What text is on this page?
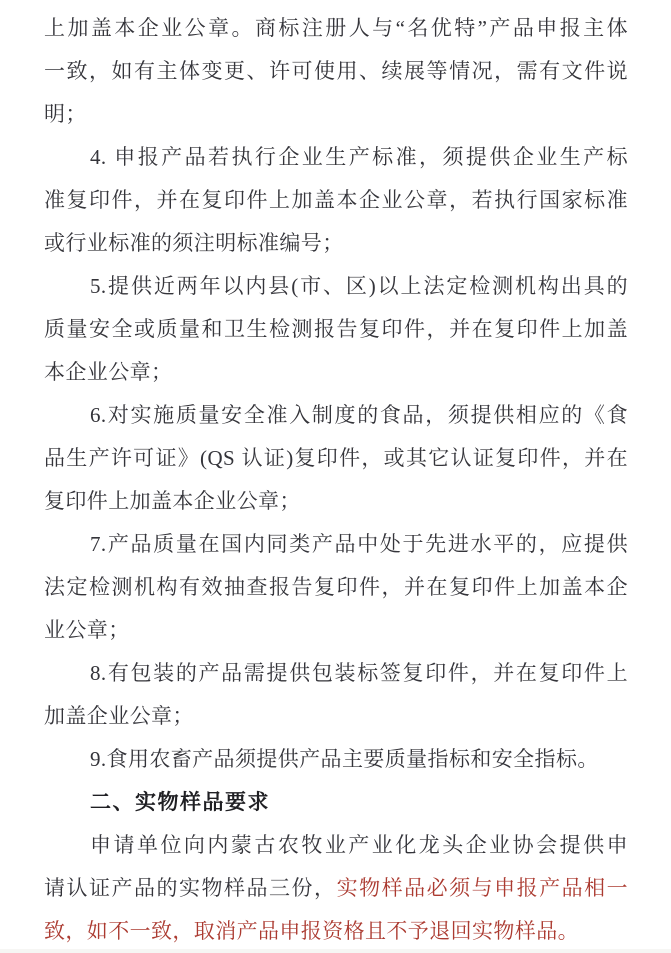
上加盖本企业公章。商标注册人与“名优特”产品申报主体
一致，如有主体变更、许可使用、续展等情况，需有文件说
明；
4. 申报产品若执行企业生产标准，须提供企业生产标
准复印件，并在复印件上加盖本企业公章，若执行国家标准
或行业标准的须注明标准编号；
5.提供近两年以内县(市、区)以上法定检测机构出具的
质量安全或质量和卫生检测报告复印件，并在复印件上加盖
本企业公章；
6.对实施质量安全准入制度的食品，须提供相应的《食
品生产许可证》(QS 认证)复印件，或其它认证复印件，并在
复印件上加盖本企业公章；
7.产品质量在国内同类产品中处于先进水平的，应提供
法定检测机构有效抽查报告复印件，并在复印件上加盖本企
业公章；
8.有包装的产品需提供包装标签复印件，并在复印件上
加盖企业公章；
9.食用农畜产品须提供产品主要质量指标和安全指标。
二、实物样品要求
申请单位向内蒙古农牧业产业化龙头企业协会提供申
请认证产品的实物样品三份，实物样品必须与申报产品相一
致，如不一致，取消产品申报资格且不予退回实物样品。
